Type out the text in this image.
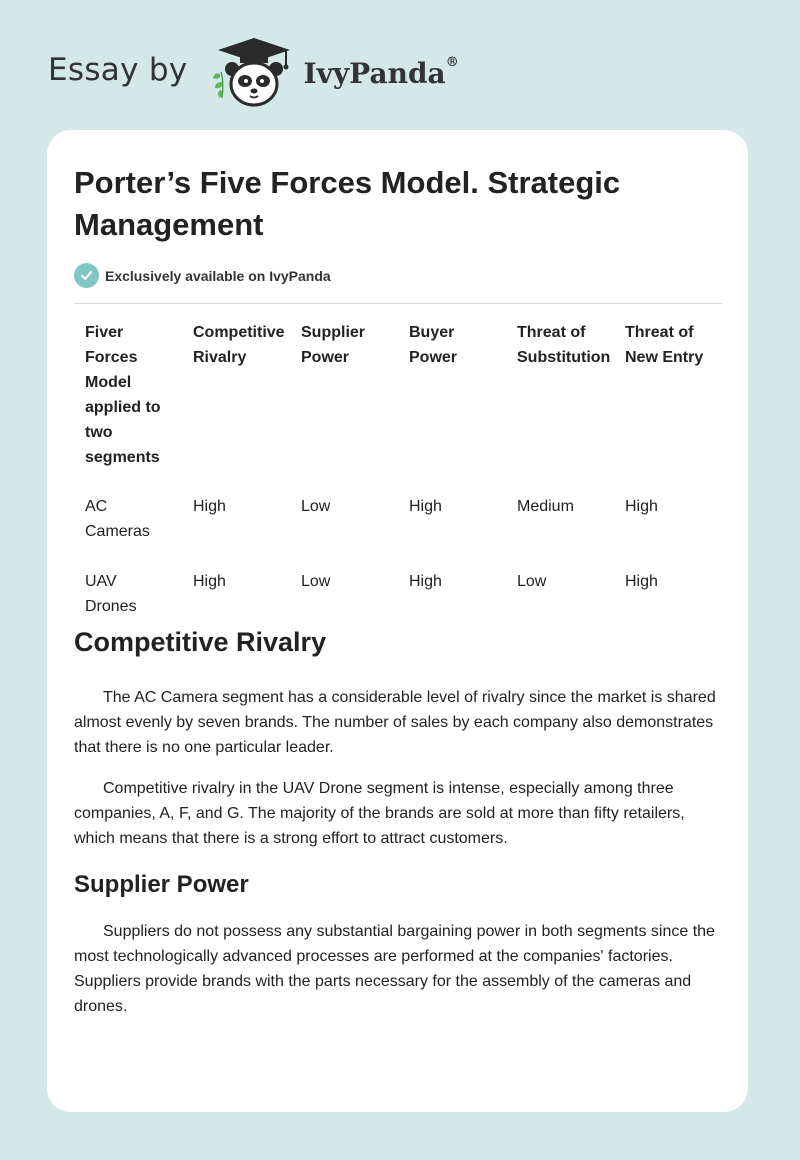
Essay by	IvyPanda®
Porter’s Five Forces Model. Strategic Management
Exclusively available on IvyPanda
Fiver Forces Model applied to two segments	Competitive Rivalry	Supplier Power	Buyer Power	Threat of Substitution	Threat of New Entry
AC Cameras	High	Low	High	Medium	High
UAV Drones	High	Low	High	Low	High
Competitive Rivalry

The AC Camera segment has a considerable level of rivalry since the market is shared almost evenly by seven brands. The number of sales by each company also demonstrates that there is no one particular leader.

Competitive rivalry in the UAV Drone segment is intense, especially among three companies, A, F, and G. The majority of the brands are sold at more than fifty retailers, which means that there is a strong effort to attract customers.

Supplier Power

Suppliers do not possess any substantial bargaining power in both segments since the most technologically advanced processes are performed at the companies' factories. Suppliers provide brands with the parts necessary for the assembly of the cameras and drones.
